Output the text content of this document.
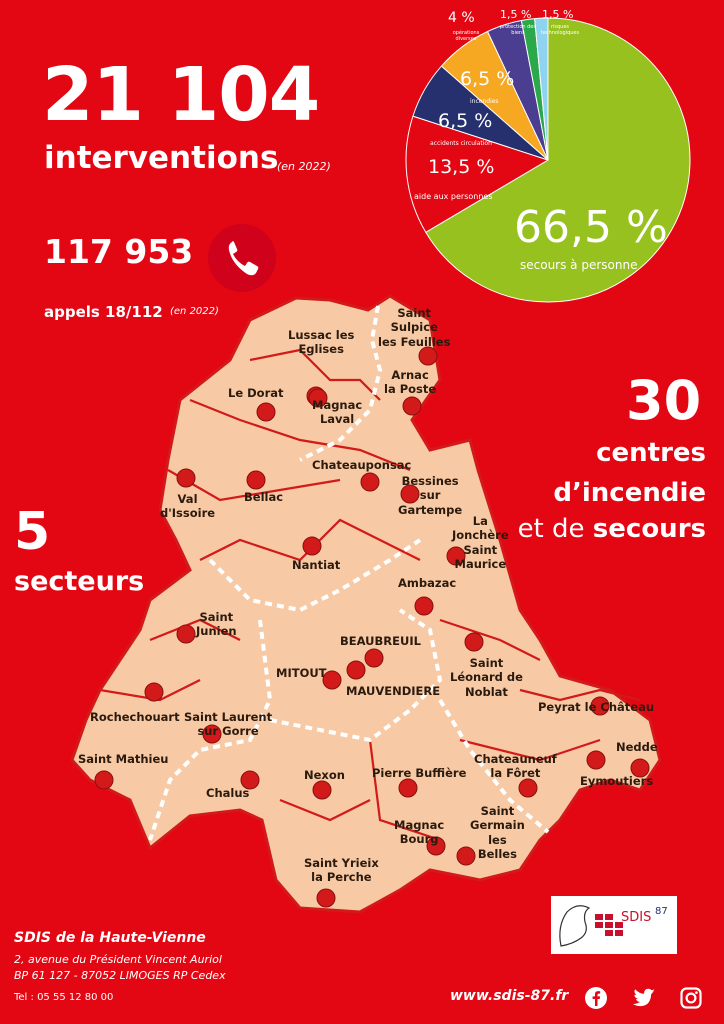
21 104
interventions
(en 2022)
117 953
appels 18/112 (en 2022)
66,5 %
secours à personne
13,5 %
aide aux personnes
6,5 %
accidents circulation
6,5 %
incendies
4 %
opérations diverses
1,5 %
protection des biens
1,5 %
risques technologiques
30
centres
d’incendie
et de secours
5
secteurs
Saint
Sulpice
les Feuilles
Lussac les
Eglises
Arnac
la Poste
Le Dorat
Magnac
Laval
Chateauponsac
Bessines
sur
Gartempe
Val
d'Issoire
Bellac
La
Jonchère
Saint
Maurice
Nantiat
Ambazac
Saint
Junien
BEAUBREUIL
MITOUT
MAUVENDIERE
Saint
Léonard de
Noblat
Rochechouart Saint Laurent
sur Gorre
Peyrat le Château
Saint Mathieu
Nexon Pierre Buffière
Chateauneuf
la Fôret
Nedde
Eymoutiers
Chalus
Magnac
Bourg
Saint
Germain
les
Belles
Saint Yrieix
la Perche
SDIS de la Haute-Vienne
2, avenue du Président Vincent Auriol
BP 61 127 - 87052 LIMOGES RP Cedex
Tel : 05 55 12 80 00	www.sdis-87.fr
SDIS 87
